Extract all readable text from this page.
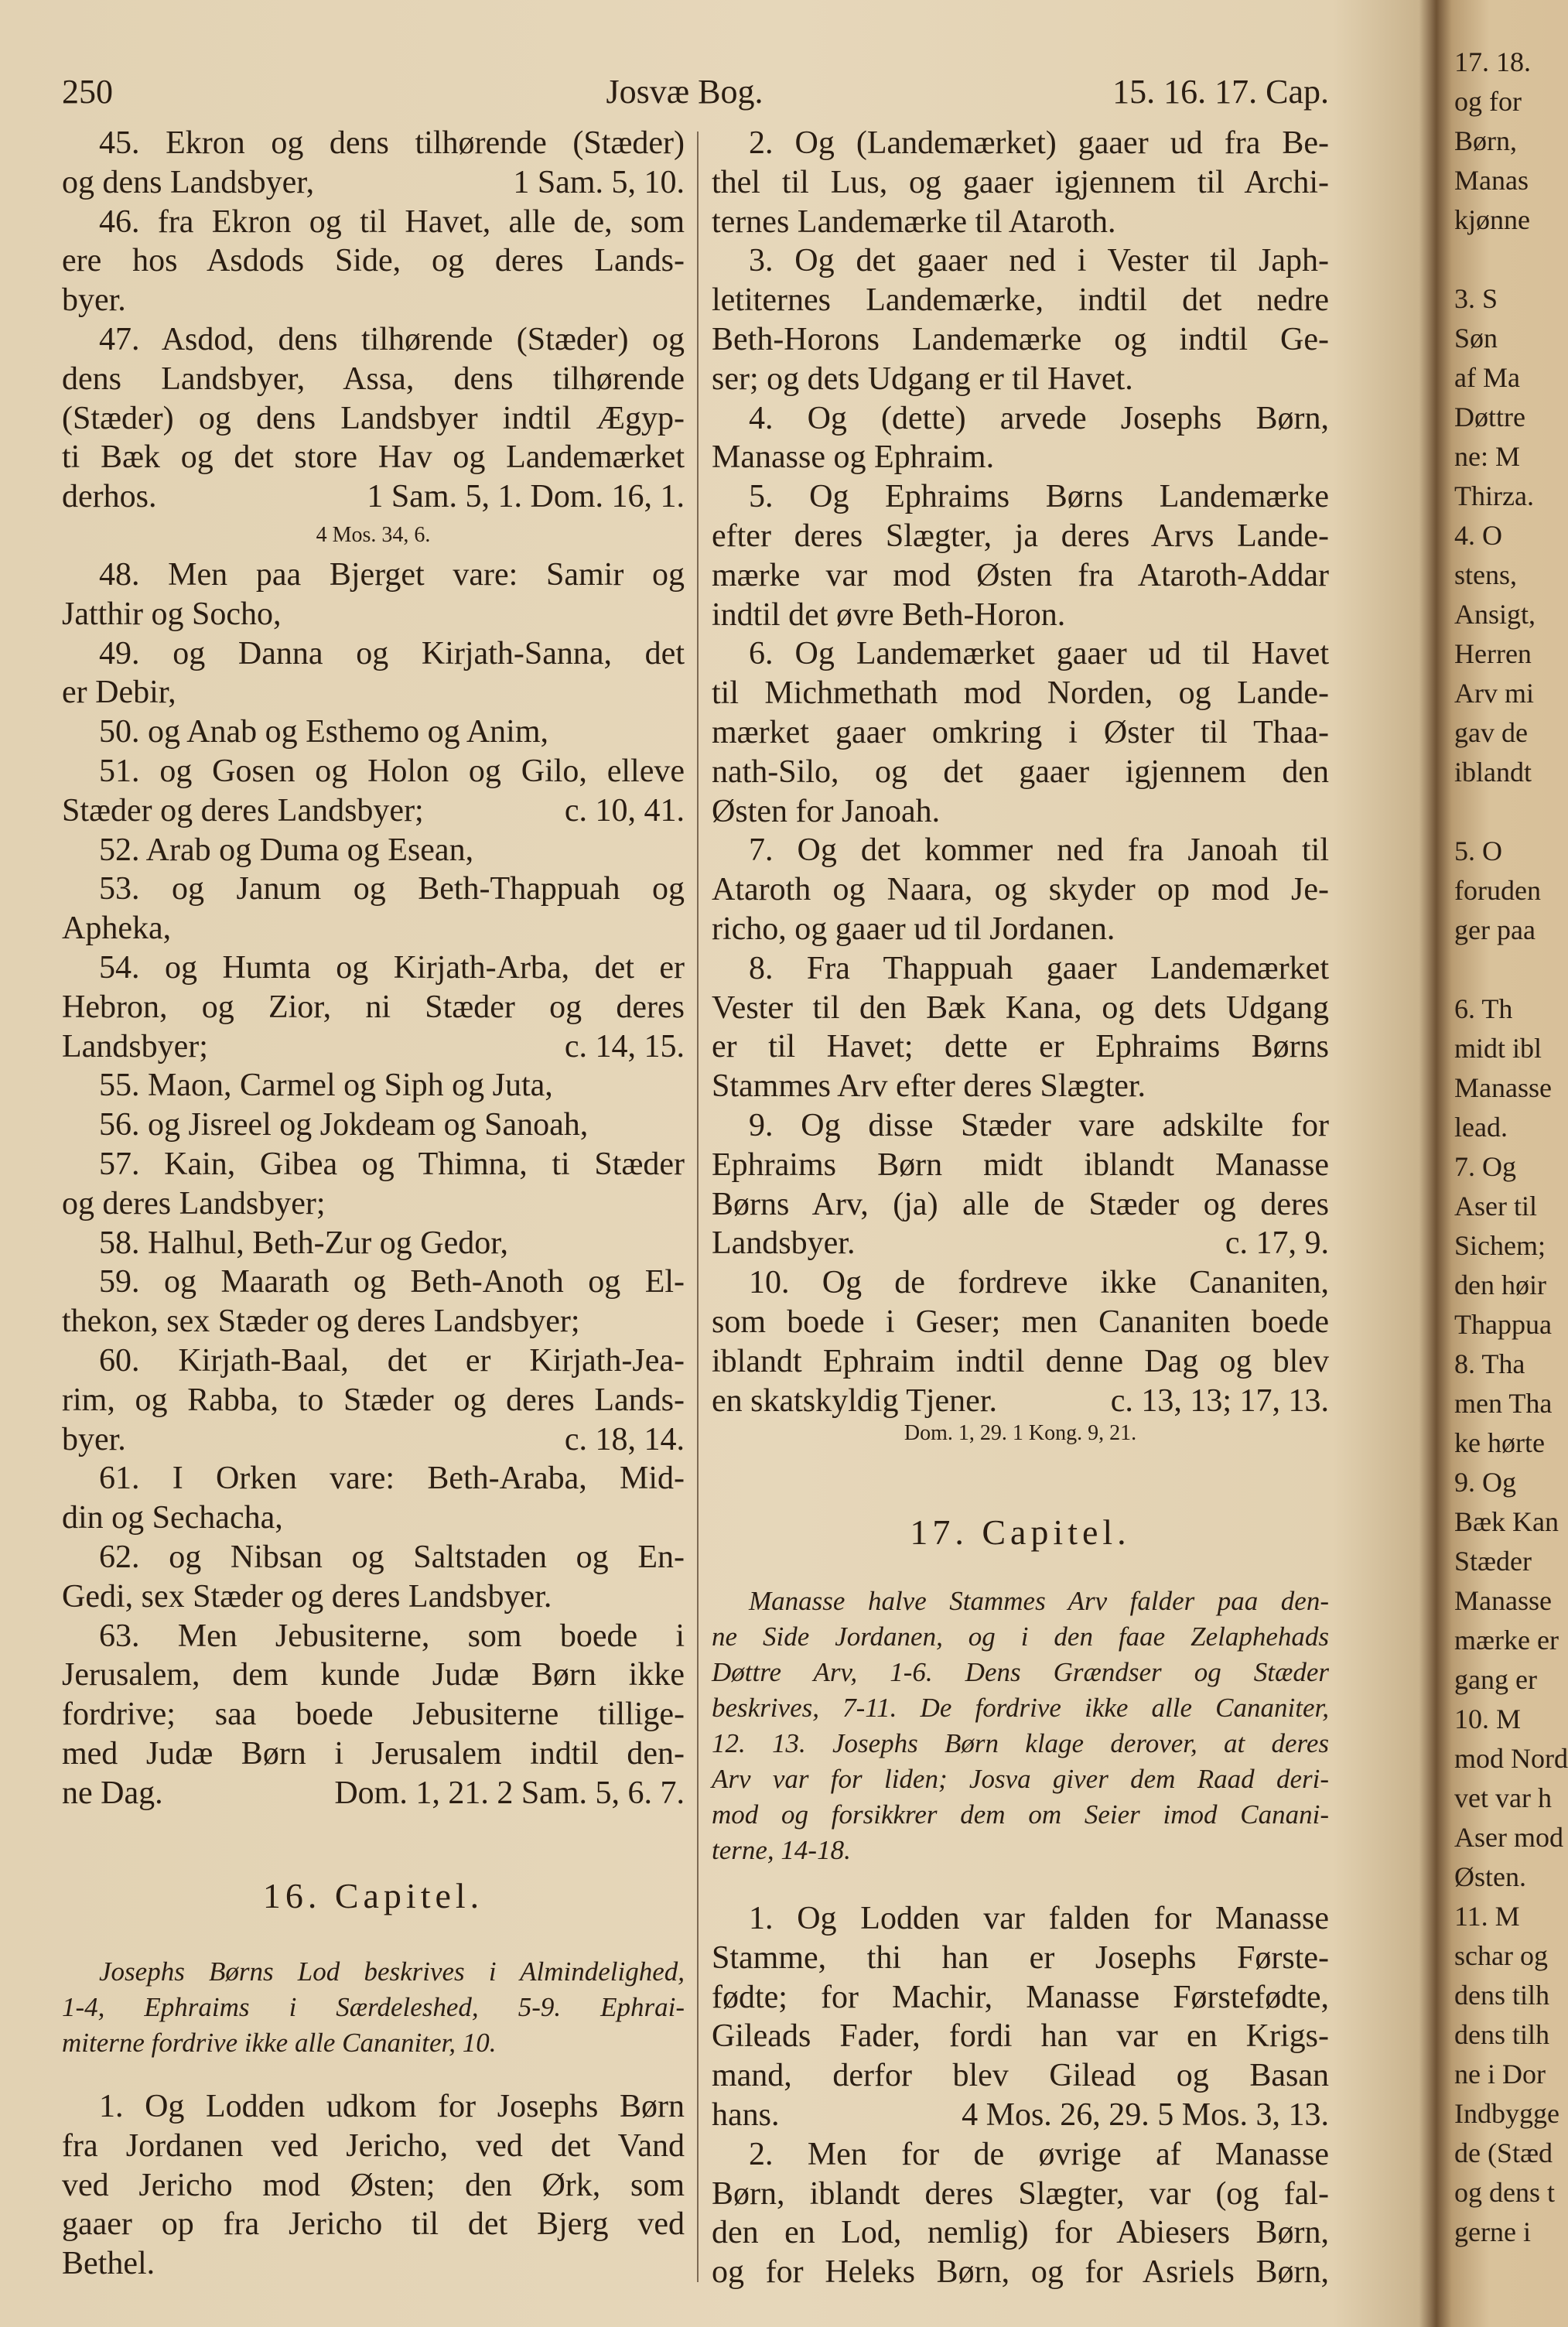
250	Josvæ Bog.	15. 16. 17. Cap.
45. Ekron og dens tilhørende (Stæder)
1 Sam. 5, 10.
og dens Landsbyer,
46. fra Ekron og til Havet, alle de, som
ere hos Asdods Side, og deres Lands-
byer.
47. Asdod, dens tilhørende (Stæder) og
dens Landsbyer, Assa, dens tilhørende
(Stæder) og dens Landsbyer indtil Ægyp-
ti Bæk og det store Hav og Landemærket
1 Sam. 5, 1. Dom. 16, 1.
derhos.
4 Mos. 34, 6.
48. Men paa Bjerget vare: Samir og
Jatthir og Socho,
49. og Danna og Kirjath-Sanna, det
er Debir,
50. og Anab og Esthemo og Anim,
51. og Gosen og Holon og Gilo, elleve
c. 10, 41.
Stæder og deres Landsbyer;
52. Arab og Duma og Esean,
53. og Janum og Beth-Thappuah og
Apheka,
54. og Humta og Kirjath-Arba, det er
Hebron, og Zior, ni Stæder og deres
c. 14, 15.
Landsbyer;
55. Maon, Carmel og Siph og Juta,
56. og Jisreel og Jokdeam og Sanoah,
57. Kain, Gibea og Thimna, ti Stæder
og deres Landsbyer;
58. Halhul, Beth-Zur og Gedor,
59. og Maarath og Beth-Anoth og El-
thekon, sex Stæder og deres Landsbyer;
60. Kirjath-Baal, det er Kirjath-Jea-
rim, og Rabba, to Stæder og deres Lands-
c. 18, 14.
byer.
61. I Orken vare: Beth-Araba, Mid-
din og Sechacha,
62. og Nibsan og Saltstaden og En-
Gedi, sex Stæder og deres Landsbyer.
63. Men Jebusiterne, som boede i
Jerusalem, dem kunde Judæ Børn ikke
fordrive; saa boede Jebusiterne tillige-
med Judæ Børn i Jerusalem indtil den-
Dom. 1, 21. 2 Sam. 5, 6. 7.
ne Dag.
16. Capitel.
Josephs Børns Lod beskrives i Almindelighed,
1-4, Ephraims i Særdeleshed, 5-9. Ephrai-
miterne fordrive ikke alle Cananiter, 10.
1. Og Lodden udkom for Josephs Børn
fra Jordanen ved Jericho, ved det Vand
ved Jericho mod Østen; den Ørk, som
gaaer op fra Jericho til det Bjerg ved
Bethel.
2. Og (Landemærket) gaaer ud fra Be-
thel til Lus, og gaaer igjennem til Archi-
ternes Landemærke til Ataroth.
3. Og det gaaer ned i Vester til Japh-
letiternes Landemærke, indtil det nedre
Beth-Horons Landemærke og indtil Ge-
ser; og dets Udgang er til Havet.
4. Og (dette) arvede Josephs Børn,
Manasse og Ephraim.
5. Og Ephraims Børns Landemærke
efter deres Slægter, ja deres Arvs Lande-
mærke var mod Østen fra Ataroth-Addar
indtil det øvre Beth-Horon.
6. Og Landemærket gaaer ud til Havet
til Michmethath mod Norden, og Lande-
mærket gaaer omkring i Øster til Thaa-
nath-Silo, og det gaaer igjennem den
Østen for Janoah.
7. Og det kommer ned fra Janoah til
Ataroth og Naara, og skyder op mod Je-
richo, og gaaer ud til Jordanen.
8. Fra Thappuah gaaer Landemærket
Vester til den Bæk Kana, og dets Udgang
er til Havet; dette er Ephraims Børns
Stammes Arv efter deres Slægter.
9. Og disse Stæder vare adskilte for
Ephraims Børn midt iblandt Manasse
Børns Arv, (ja) alle de Stæder og deres
c. 17, 9.
Landsbyer.
10. Og de fordreve ikke Cananiten,
som boede i Geser; men Cananiten boede
iblandt Ephraim indtil denne Dag og blev
c. 13, 13; 17, 13.
en skatskyldig Tjener.
Dom. 1, 29. 1 Kong. 9, 21.
17. Capitel.
Manasse halve Stammes Arv falder paa den-
ne Side Jordanen, og i den faae Zelaphehads
Døttre Arv, 1-6. Dens Grændser og Stæder
beskrives, 7-11. De fordrive ikke alle Cananiter,
12. 13. Josephs Børn klage derover, at deres
Arv var for liden; Josva giver dem Raad deri-
mod og forsikkrer dem om Seier imod Canani-
terne, 14-18.
1. Og Lodden var falden for Manasse
Stamme, thi han er Josephs Første-
fødte; for Machir, Manasse Førstefødte,
Gileads Fader, fordi han var en Krigs-
mand, derfor blev Gilead og Basan
4 Mos. 26, 29. 5 Mos. 3, 13.
hans.
2. Men for de øvrige af Manasse
Børn, iblandt deres Slægter, var (og fal-
den en Lod, nemlig) for Abiesers Børn,
og for Heleks Børn, og for Asriels Børn,
17. 18.
og for
Børn,
Manas
kjønne
3. S
Søn
af Ma
Døttre
ne: M
Thirza.
4. O
stens,
Ansigt,
Herren
Arv mi
gav de
iblandt
5. O
foruden
ger paa
6. Th
midt ibl
Manasse
lead.
7. Og
Aser til
Sichem;
den høir
Thappua
8. Tha
men Tha
ke hørte
9. Og
Bæk Kan
Stæder
Manasse
mærke er
gang er
10. M
mod Nord
vet var h
Aser mod
Østen.
11. M
schar og
dens tilh
dens tilh
ne i Dor
Indbygge
de (Stæd
og dens t
gerne i
